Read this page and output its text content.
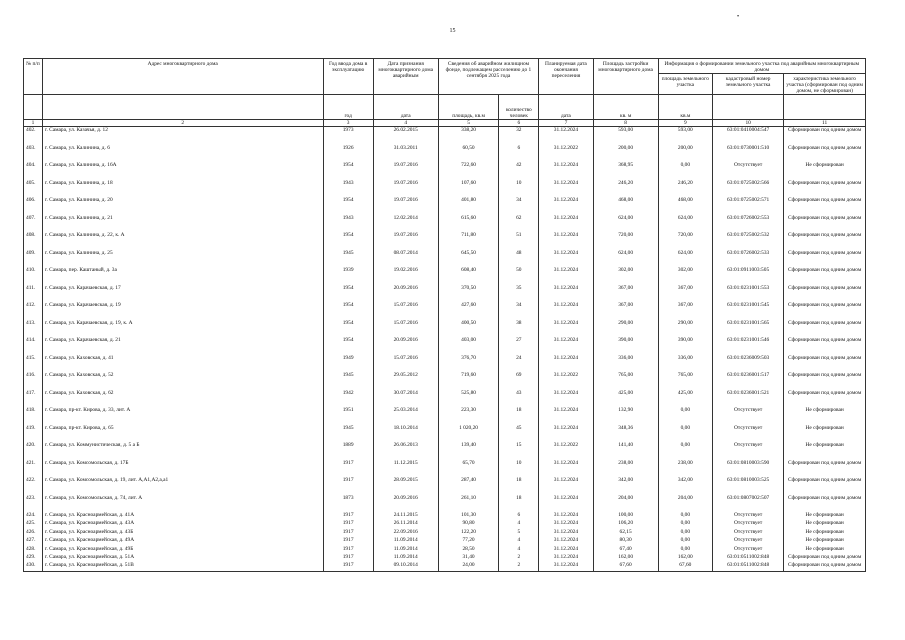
•
15
№ п/п	Адрес многоквартирного дома	Год ввода дома в эксплуатацию	Дата признания многоквартирного дома аварийным	Сведения об аварийном жилищном фонде, подлежащем расселению до 1 сентября 2025 года		Планируемая дата окончания переселения	Площадь застройки многоквартирного дома	Информация о формировании земельного участка под аварийным многоквартирным домом		
								площадь земельного участка	кадастровый номер земельного участка	характеристика земельного участка (сформирован под одним домом, не сформирован)
		год	дата	площадь, кв.м	количество человек	дата	кв. м	кв.м		
1	2	3	4	5	6	7	8	9	10	11
402.	г. Самара, ул. Казачья, д. 12	1973	26.02.2015	338,20	32	31.12.2024	593,00	593,00	63:01:0410004:547	Сформирован под одним домом
403.	г. Самара, ул. Калинина, д. 6	1926	31.03.2011	60,50	6	31.12.2022	200,00	200,00	63:01:0730001:510	Сформирован под одним домом
404.	г. Самара, ул. Калинина, д. 16А	1954	19.07.2016	722,60	42	31.12.2024	368,95	0,00	Отсутствует	Не сформирован
405.	г. Самара, ул. Калинина, д. 18	1943	19.07.2016	107,60	10	31.12.2024	246,20	246,20	63:01:0725002:566	Сформирован под одним домом
406.	г. Самара, ул. Калинина, д. 20	1954	19.07.2016	401,80	34	31.12.2024	468,00	468,00	63:01:0725002:571	Сформирован под одним домом
407.	г. Самара, ул. Калинина, д. 21	1943	12.02.2014	615,60	62	31.12.2024	624,00	624,00	63:01:0726002:553	Сформирован под одним домом
408.	г. Самара, ул. Калинина, д. 22, к. А	1954	19.07.2016	711,80	51	31.12.2024	720,00	720,00	63:01:0725002:532	Сформирован под одним домом
409.	г. Самара, ул. Калинина, д. 25	1945	08.07.2014	645,50	48	31.12.2024	624,00	624,00	63:01:0726002:533	Сформирован под одним домом
410.	г. Самара, пер. Каштаный, д. 3а	1939	19.02.2016	608,40	50	31.12.2024	302,00	302,00	63:01:0911003:505	Сформирован под одним домом
411.	г. Самара, ул. Карачаевская, д. 17	1954	20.09.2016	370,50	35	31.12.2024	367,00	367,00	63:01:0231001:553	Сформирован под одним домом
412.	г. Самара, ул. Карачаевская, д. 19	1954	15.07.2016	427,60	34	31.12.2024	367,00	367,00	63:01:0231001:545	Сформирован под одним домом
413.	г. Самара, ул. Карачаевская, д. 19, к. А	1954	15.07.2016	400,50	38	31.12.2024	290,00	290,00	63:01:0231001:565	Сформирован под одним домом
414.	г. Самара, ул. Карачаевская, д. 21	1954	20.09.2016	403,00	27	31.12.2024	390,00	390,00	63:01:0231001:546	Сформирован под одним домом
415.	г. Самара, ул. Каховская, д. 41	1949	15.07.2016	376,70	24	31.12.2024	336,00	336,00	63:01:0236009:503	Сформирован под одним домом
416.	г. Самара, ул. Каховская, д. 52	1945	29.05.2012	719,60	69	31.12.2022	765,00	765,00	63:01:0236001:517	Сформирован под одним домом
417.	г. Самара, ул. Каховская, д. 62	1942	30.07.2014	525,80	43	31.12.2024	425,00	425,00	63:01:0236001:521	Сформирован под одним домом
418.	г. Самара, пр-кт. Кирова, д. 33, лит. А	1951	25.03.2014	223,30	18	31.12.2024	132,90	0,00	Отсутствует	Не сформирован
419.	г. Самара, пр-кт. Кирова, д. 65	1945	18.10.2014	1 020,20	45	31.12.2024	348,36	0,00	Отсутствует	Не сформирован
420.	г. Самара, ул. Коммунистическая, д. 5 а Б	1889	26.06.2013	139,40	15	31.12.2022	141,40	0,00	Отсутствует	Не сформирован
421.	г. Самара, ул. Комсомольская, д. 17Б	1917	11.12.2015	65,70	10	31.12.2024	238,00	238,00	63:01:0810003:590	Сформирован под одним домом
422.	г. Самара, ул. Комсомольская, д. 19, лит. А,А1,А2,а,а1	1917	28.09.2015	287,40	18	31.12.2024	342,00	342,00	63:01:0810003:525	Сформирован под одним домом
423.	г. Самара, ул. Комсомольская, д. 74, лит. А	1873	20.09.2016	261,10	18	31.12.2024	204,00	204,00	63:01:0807002:507	Сформирован под одним домом
424.	г. Самара, ул. Красноармейская, д. 41А	1917	24.11.2015	101,30	6	31.12.2024	100,00	0,00	Отсутствует	Не сформирован
425.	г. Самара, ул. Красноармейская, д. 43А	1917	26.11.2014	90,80	4	31.12.2024	106,20	0,00	Отсутствует	Не сформирован
426.	г. Самара, ул. Красноармейская, д. 43Б	1917	22.09.2016	122,20	5	31.12.2024	62,15	0,00	Отсутствует	Не сформирован
427.	г. Самара, ул. Красноармейская, д. 49А	1917	11.09.2014	77,20	4	31.12.2024	80,30	0,00	Отсутствует	Не сформирован
428.	г. Самара, ул. Красноармейская, д. 49Б	1917	11.09.2014	28,50	4	31.12.2024	67,40	0,00	Отсутствует	Не сформирован
429.	г. Самара, ул. Красноармейская, д. 51А	1917	11.09.2014	31,40	2	31.12.2024	162,00	162,00	63:01:0511002:848	Сформирован под одним домом
430.	г. Самара, ул. Красноармейская, д. 51В	1917	09.10.2014	24,00	2	31.12.2024	67,60	67,60	63:01:0511002:848	Сформирован под одним домом
